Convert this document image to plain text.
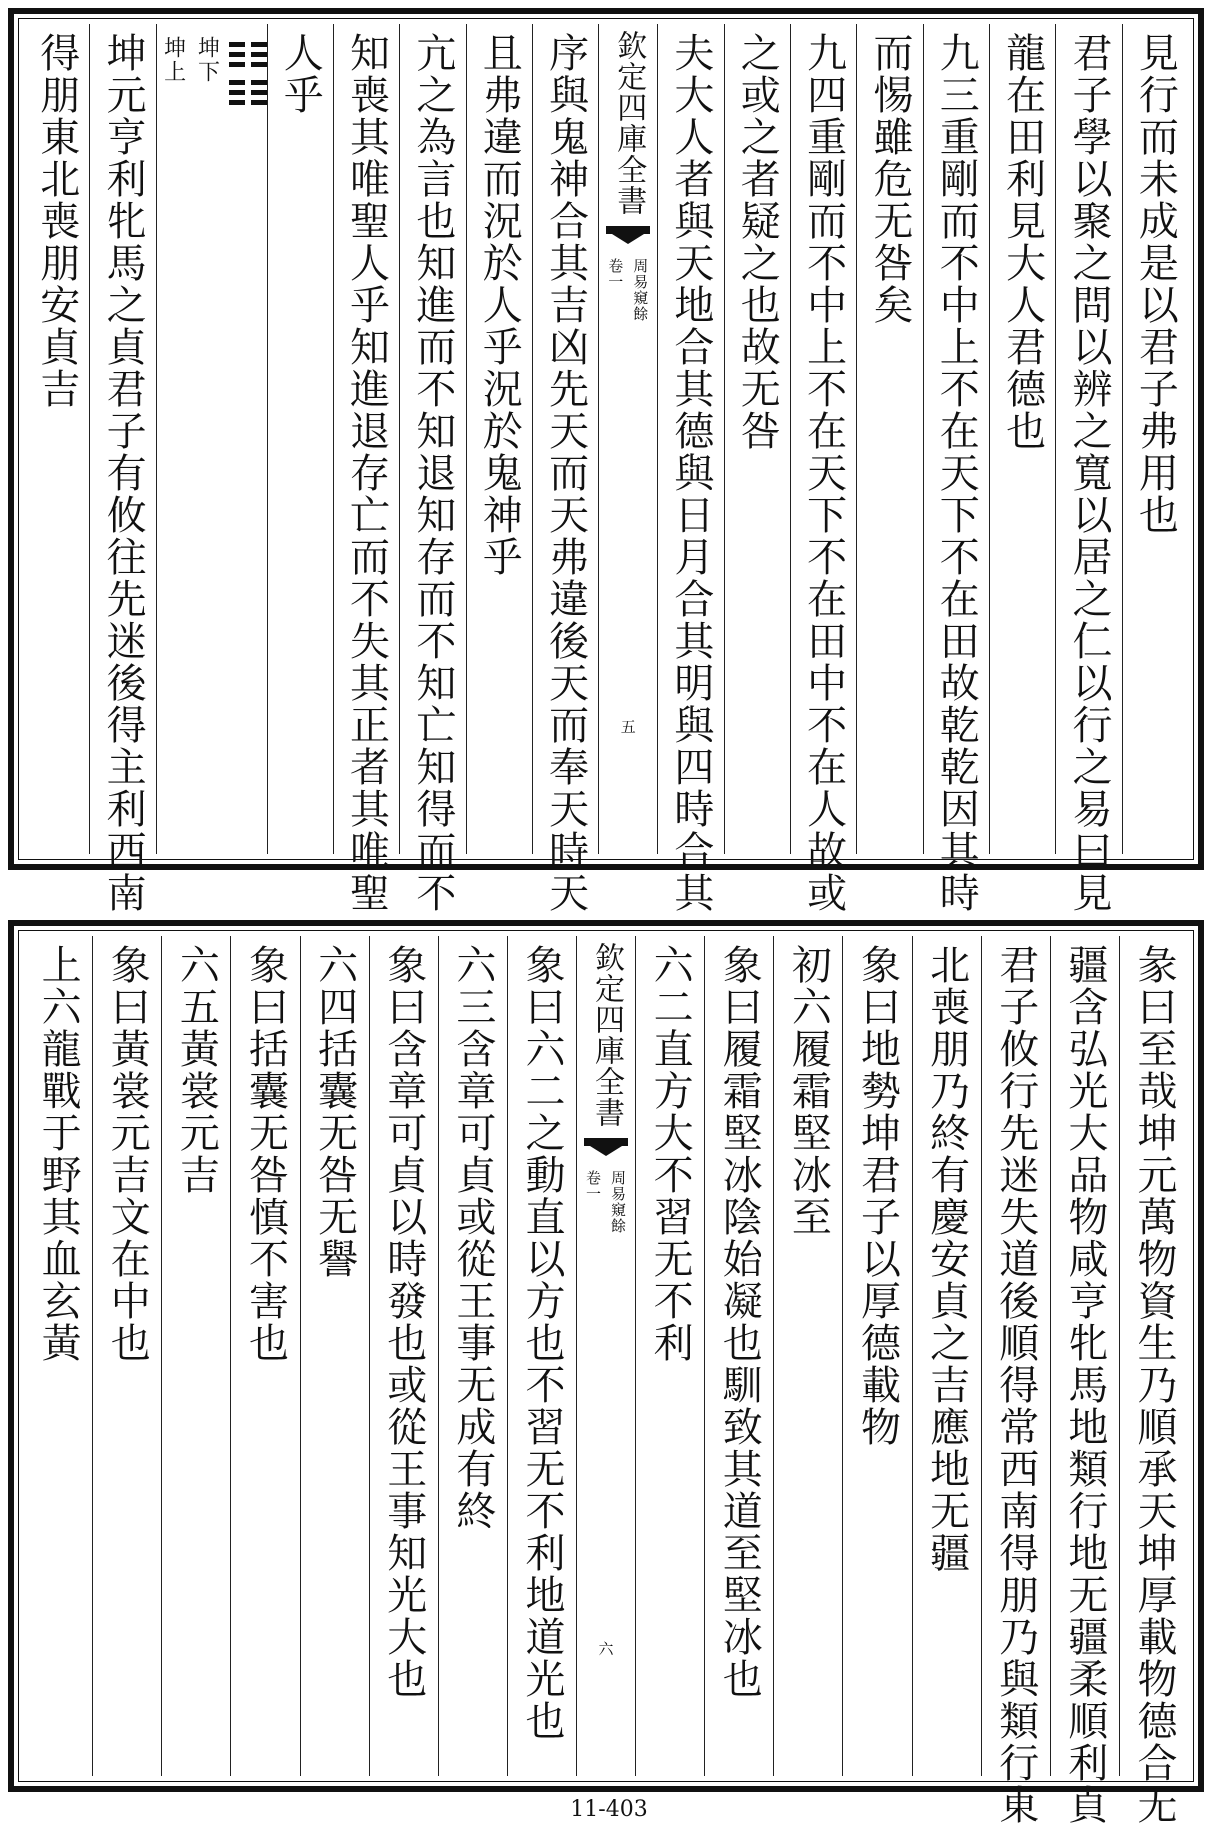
見行而未成是以君子弗用也
君子學以聚之問以辨之寬以居之仁以行之易曰見
龍在田利見大人君德也
九三重剛而不中上不在天下不在田故乾乾因其時
而惕雖危无咎矣
九四重剛而不中上不在天下不在田中不在人故或
之或之者疑之也故无咎
夫大人者與天地合其德與日月合其明與四時合其
欽定四庫全書
周易窺餘
卷一
五
序與鬼神合其吉凶先天而天弗違後天而奉天時天
且弗違而況於人乎況於鬼神乎
亢之為言也知進而不知退知存而不知亡知得而不
知喪其唯聖人乎知進退存亡而不失其正者其唯聖
人乎
坤下
坤上
坤元亨利牝馬之貞君子有攸往先迷後得主利西南
得朋東北喪朋安貞吉
彖曰至哉坤元萬物資生乃順承天坤厚載物德合无
疆含弘光大品物咸亨牝馬地類行地无疆柔順利貞
君子攸行先迷失道後順得常西南得朋乃與類行東
北喪朋乃終有慶安貞之吉應地无疆
象曰地勢坤君子以厚德載物
初六履霜堅冰至
象曰履霜堅冰陰始凝也馴致其道至堅冰也
六二直方大不習无不利
欽定四庫全書
周易窺餘
卷一
六
象曰六二之動直以方也不習无不利地道光也
六三含章可貞或從王事无成有終
象曰含章可貞以時發也或從王事知光大也
六四括囊无咎无譽
象曰括囊无咎慎不害也
六五黃裳元吉
象曰黃裳元吉文在中也
上六龍戰于野其血玄黃
11-403
